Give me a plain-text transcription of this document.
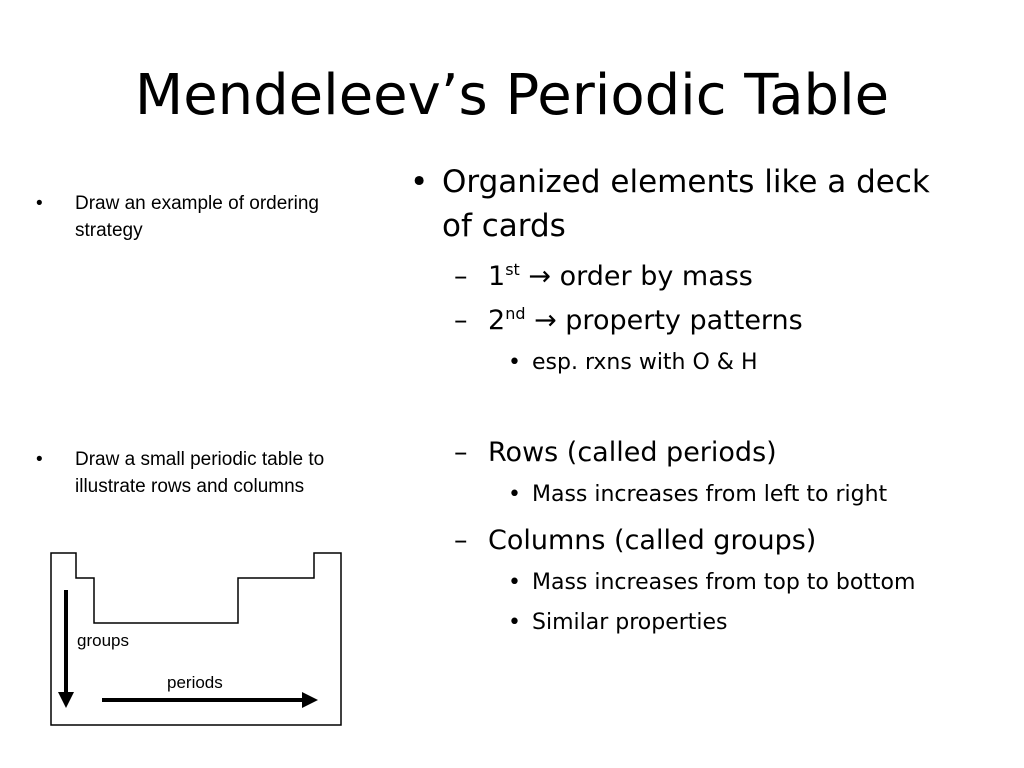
Mendeleev’s Periodic Table
• Draw an example of ordering strategy
• Draw a small periodic table to illustrate rows and columns
groups
periods
• Organized elements like a deck of cards
– 1st → order by mass
– 2nd → property patterns
• esp. rxns with O & H
– Rows (called periods)
• Mass increases from left to right
– Columns (called groups)
• Mass increases from top to bottom
• Similar properties
